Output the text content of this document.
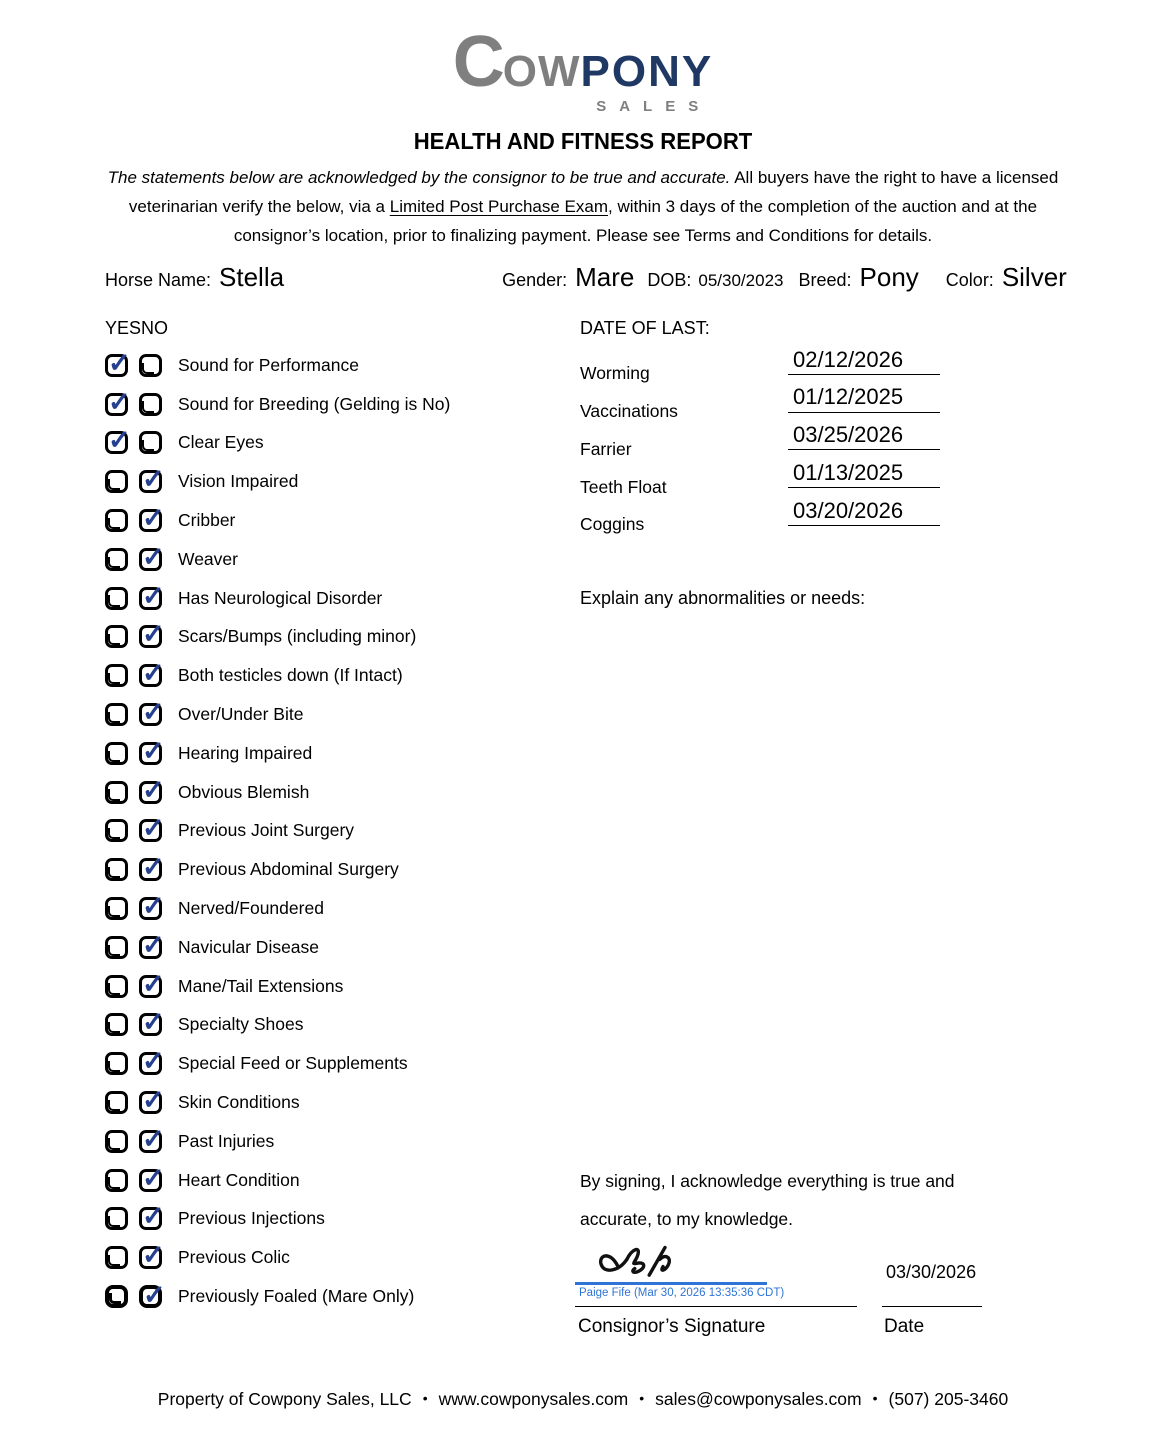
COWPONY
SALES
HEALTH AND FITNESS REPORT
The statements below are acknowledged by the consignor to be true and accurate. All buyers have the right to have a licensed veterinarian verify the below, via a Limited Post Purchase Exam, within 3 days of the completion of the auction and at the consignor’s location, prior to finalizing payment. Please see Terms and Conditions for details.
Horse Name: Stella	Gender: Mare DOB: 05/30/2023 Breed: Pony Color: Silver
YES NO
✓
Sound for Performance
✓
Sound for Breeding (Gelding is No)
✓
Clear Eyes
✓
Vision Impaired
✓
Cribber
✓
Weaver
✓
Has Neurological Disorder
✓
Scars/Bumps (including minor)
✓
Both testicles down (If Intact)
✓
Over/Under Bite
✓
Hearing Impaired
✓
Obvious Blemish
✓
Previous Joint Surgery
✓
Previous Abdominal Surgery
✓
Nerved/Foundered
✓
Navicular Disease
✓
Mane/Tail Extensions
✓
Specialty Shoes
✓
Special Feed or Supplements
✓
Skin Conditions
✓
Past Injuries
✓
Heart Condition
✓
Previous Injections
✓
Previous Colic
✓
Previously Foaled (Mare Only)
DATE OF LAST:
Worming
02/12/2026
Vaccinations
01/12/2025
Farrier
03/25/2026
Teeth Float
01/13/2025
Coggins
03/20/2026
Explain any abnormalities or needs:
By signing, I acknowledge everything is true and accurate, to my knowledge.
Paige Fife (Mar 30, 2026 13:35:36 CDT)
Consignor’s Signature
03/30/2026
Date
Property of Cowpony Sales, LLC • www.cowponysales.com • sales@cowponysales.com • (507) 205-3460
